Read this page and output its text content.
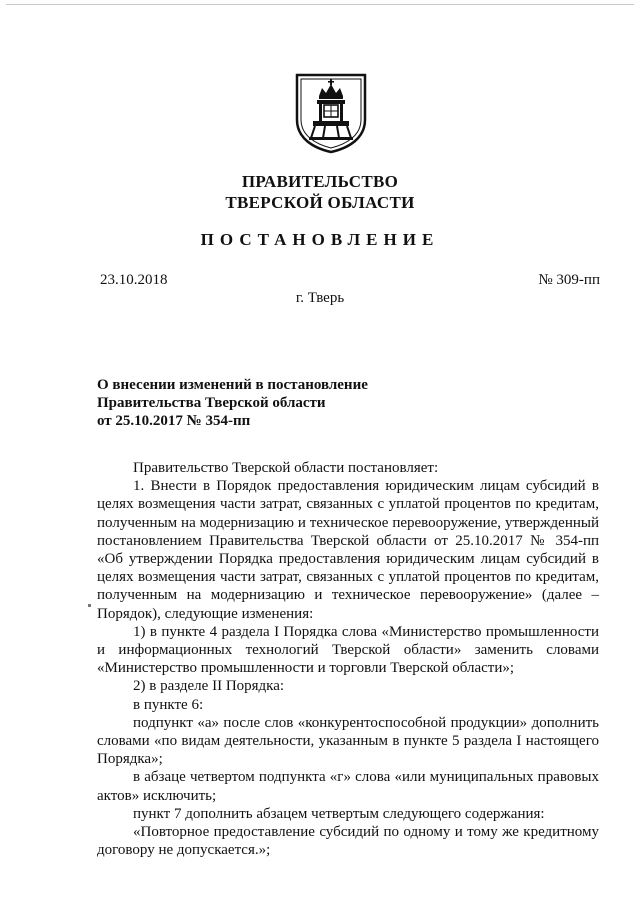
ПРАВИТЕЛЬСТВО
ТВЕРСКОЙ ОБЛАСТИ
ПОСТАНОВЛЕНИЕ
23.10.2018	№ 309-пп
г. Тверь
О внесении изменений в постановление
Правительства Тверской области
от 25.10.2017 № 354-пп

Правительство Тверской области постановляет:

1. Внести в Порядок предоставления юридическим лицам субсидий в целях возмещения части затрат, связанных с уплатой процентов по кредитам, полученным на модернизацию и техническое перевооружение, утвержденный постановлением Правительства Тверской области от 25.10.2017 № 354-пп «Об утверждении Порядка предоставления юридическим лицам субсидий в целях возмещения части затрат, связанных с уплатой процентов по кредитам, полученным на модернизацию и техническое перевооружение» (далее – Порядок), следующие изменения:

1) в пункте 4 раздела I Порядка слова «Министерство промышленности и информационных технологий Тверской области» заменить словами «Министерство промышленности и торговли Тверской области»;

2) в разделе II Порядка:

в пункте 6:

подпункт «а» после слов «конкурентоспособной продукции» дополнить словами «по видам деятельности, указанным в пункте 5 раздела I настоящего Порядка»;

в абзаце четвертом подпункта «г» слова «или муниципальных правовых актов» исключить;

пункт 7 дополнить абзацем четвертым следующего содержания:

«Повторное предоставление субсидий по одному и тому же кредитному договору не допускается.»;
